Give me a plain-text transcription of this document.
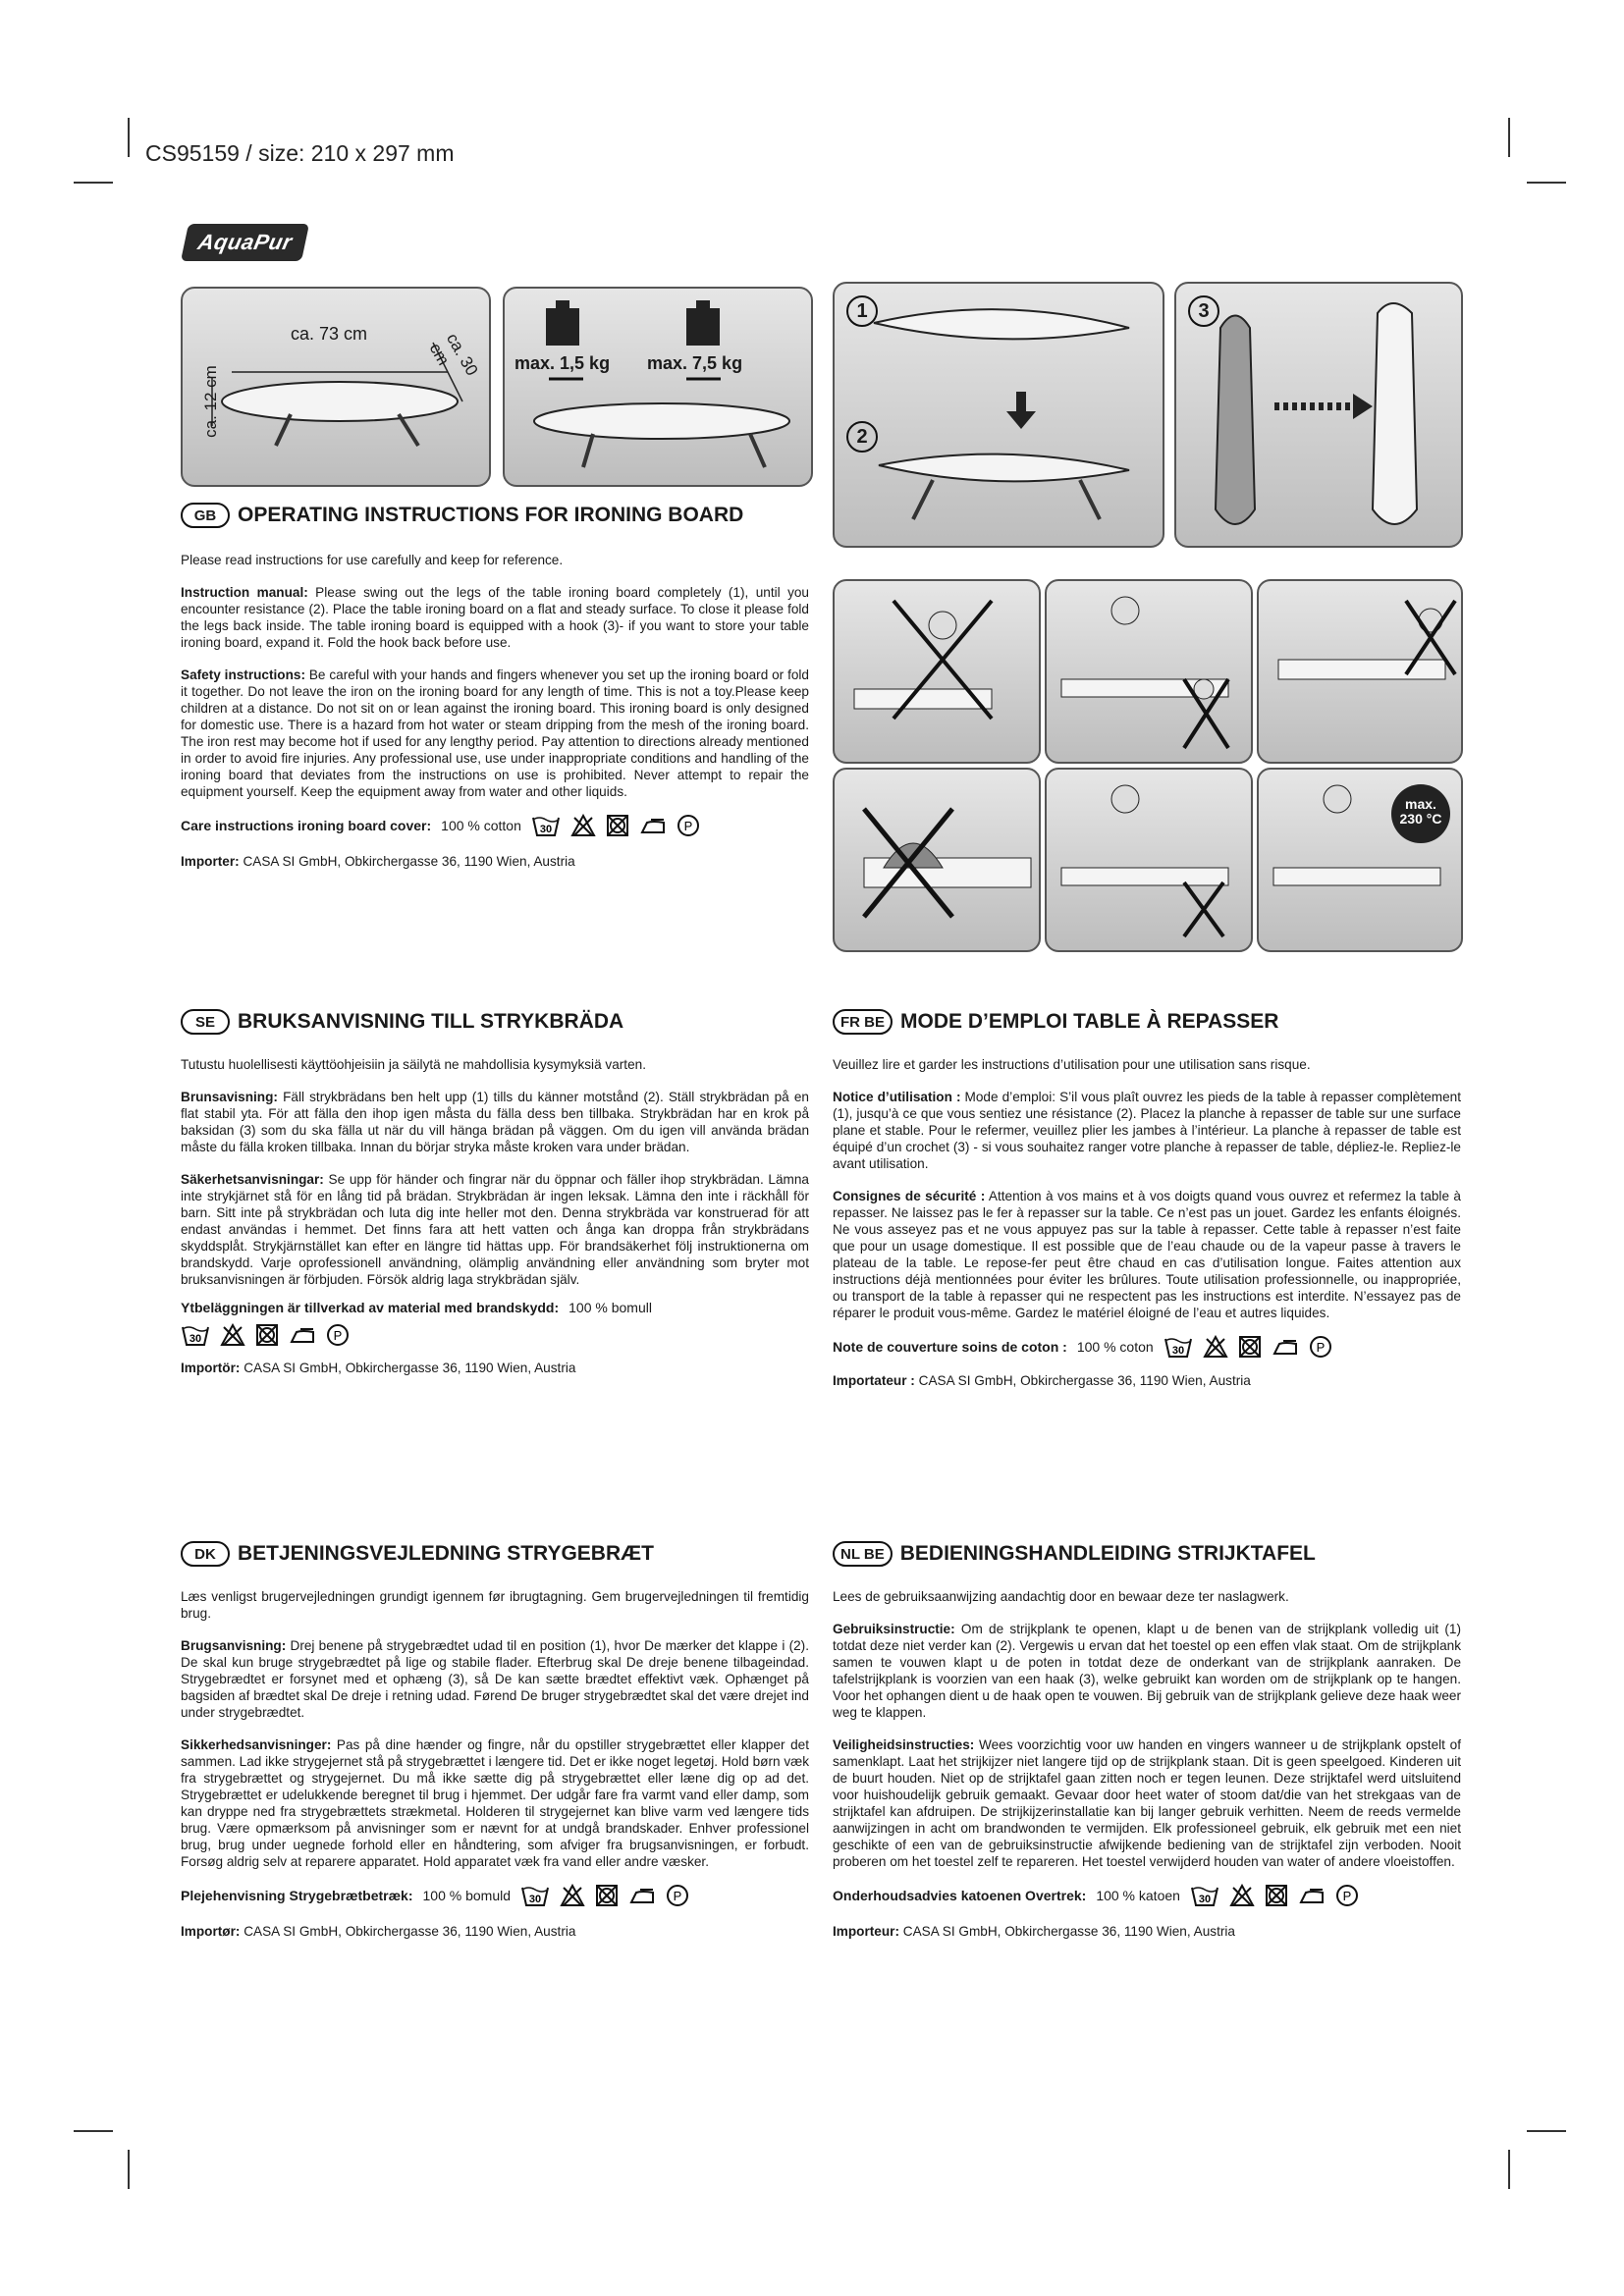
CS95159 / size: 210 x 297 mm
AquaPur
ca. 73 cm	ca. 30 cm
ca. 12 cm
max. 1,5 kg max. 7,5 kg
1
2
3
max. 230 °C
GB	OPERATING INSTRUCTIONS FOR IRONING BOARD

Please read instructions for use carefully and keep for reference.

Instruction manual: Please swing out the legs of the table ironing board completely (1), until you encounter resistance (2). Place the table ironing board on a flat and steady surface. To close it please fold the legs back inside. The table ironing board is equipped with a hook (3)- if you want to store your table ironing board, expand it. Fold the hook back before use.

Safety instructions: Be careful with your hands and fingers whenever you set up the ironing board or fold it together. Do not leave the iron on the ironing board for any length of time. This is not a toy.Please keep children at a distance. Do not sit on or lean against the ironing board. This ironing board is only designed for domestic use. There is a hazard from hot water or steam dripping from the mesh of the ironing board. The iron rest may become hot if used for any lengthy period. Pay attention to directions already mentioned in order to avoid fire injuries. Any professional use, use under inappropriate conditions and handling of the ironing board that deviates from the instructions on use is prohibited. Never attempt to repair the equipment yourself. Keep the equipment away from water and other liquids.

Care instructions ironing board cover: 100 % cotton 30	P

Importer: CASA SI GmbH, Obkirchergasse 36, 1190 Wien, Austria

SE	BRUKSANVISNING TILL STRYKBRÄDA

Tutustu huolellisesti käyttöohjeisiin ja säilytä ne mahdollisia kysymyksiä varten.

Brunsavisning: Fäll strykbrädans ben helt upp (1) tills du känner motstånd (2). Ställ strykbrädan på en flat stabil yta. För att fälla den ihop igen måsta du fälla dess ben tillbaka. Strykbrädan har en krok på baksidan (3) som du ska fälla ut när du vill hänga brädan på väggen. Om du igen vill använda brädan måste du fälla kroken tillbaka. Innan du börjar stryka måste kroken vara under brädan.

Säkerhetsanvisningar: Se upp för händer och fingrar när du öppnar och fäller ihop strykbrädan. Lämna inte strykjärnet stå för en lång tid på brädan. Strykbrädan är ingen leksak. Lämna den inte i räckhåll för barn. Sitt inte på strykbrädan och luta dig inte heller mot den. Denna strykbräda var konstruerad för att endast användas i hemmet. Det finns fara att hett vatten och ånga kan droppa från strykbrädans skyddsplåt. Strykjärnstället kan efter en längre tid hättas upp. För brandsäkerhet följ instruktionerna om brandskydd. Varje oprofessionell användning, olämplig användning eller användning som bryter mot bruksanvisningen är förbjuden. Försök aldrig laga strykbrädan själv.

Ytbeläggningen är tillverkad av material med brandskydd: 100 % bomull
30	P

Importör: CASA SI GmbH, Obkirchergasse 36, 1190 Wien, Austria

DK	BETJENINGSVEJLEDNING STRYGEBRÆT

Læs venligst brugervejledningen grundigt igennem før ibrugtagning. Gem brugervejledningen til fremtidig brug.

Brugsanvisning: Drej benene på strygebrædtet udad til en position (1), hvor De mærker det klappe i (2). De skal kun bruge strygebrædtet på lige og stabile flader. Efterbrug skal De dreje benene tilbageindad. Strygebrædtet er forsynet med et ophæng (3), så De kan sætte brædtet effektivt væk. Ophænget på bagsiden af brædtet skal De dreje i retning udad. Førend De bruger strygebrædtet skal det være drejet ind under strygebrædtet.

Sikkerhedsanvisninger: Pas på dine hænder og fingre, når du opstiller strygebrættet eller klapper det sammen. Lad ikke strygejernet stå på strygebrættet i længere tid. Det er ikke noget legetøj. Hold børn væk fra strygebrættet og strygejernet. Du må ikke sætte dig på strygebrættet eller læne dig op ad det. Strygebrættet er udelukkende beregnet til brug i hjemmet. Der udgår fare fra varmt vand eller damp, som kan dryppe ned fra strygebrættets strækmetal. Holderen til strygejernet kan blive varm ved længere tids brug. Være opmærksom på anvisninger som er nævnt for at undgå brandskader. Enhver professionel brug, brug under uegnede forhold eller en håndtering, som afviger fra brugsanvisningen, er forbudt. Forsøg aldrig selv at reparere apparatet. Hold apparatet væk fra vand eller andre væsker.

Plejehenvisning Strygebrætbetræk: 100 % bomuld 30	P

Importør: CASA SI GmbH, Obkirchergasse 36, 1190 Wien, Austria

FR BE MODE D’EMPLOI TABLE À REPASSER

Veuillez lire et garder les instructions d’utilisation pour une utilisation sans risque.

Notice d’utilisation : Mode d’emploi: S’il vous plaît ouvrez les pieds de la table à repasser complètement (1), jusqu’à ce que vous sentiez une résistance (2). Placez la planche à repasser de table sur une surface plane et stable. Pour le refermer, veuillez plier les jambes à l’intérieur. La planche à repasser de table est équipé d’un crochet (3) - si vous souhaitez ranger votre planche à repasser de table, dépliez-le. Repliez-le avant utilisation.

Consignes de sécurité : Attention à vos mains et à vos doigts quand vous ouvrez et refermez la table à repasser. Ne laissez pas le fer à repasser sur la table. Ce n’est pas un jouet. Gardez les enfants éloignés. Ne vous asseyez pas et ne vous appuyez pas sur la table à repasser. Cette table à repasser n’est faite que pour un usage domestique. Il est possible que de l’eau chaude ou de la vapeur passe à travers le plateau de la table. Le repose-fer peut être chaud en cas d’utilisation longue. Faites attention aux instructions déjà mentionnées pour éviter les brûlures. Toute utilisation professionnelle, ou inappropriée, ou transport de la table à repasser qui ne respectent pas les instructions est interdite. N’essayez pas de réparer le produit vous-même. Gardez le matériel éloigné de l’eau et autres liquides.

Note de couverture soins de coton : 100 % coton 30	P

Importateur : CASA SI GmbH, Obkirchergasse 36, 1190 Wien, Austria

NL BE BEDIENINGSHANDLEIDING STRIJKTAFEL

Lees de gebruiksaanwijzing aandachtig door en bewaar deze ter naslagwerk.

Gebruiksinstructie: Om de strijkplank te openen, klapt u de benen van de strijkplank volledig uit (1) totdat deze niet verder kan (2). Vergewis u ervan dat het toestel op een effen vlak staat. Om de strijkplank samen te vouwen klapt u de poten in totdat deze de onderkant van de strijkplank aanraken. De tafelstrijkplank is voorzien van een haak (3), welke gebruikt kan worden om de strijkplank op te hangen. Voor het ophangen dient u de haak open te vouwen. Bij gebruik van de strijkplank gelieve deze haak weer weg te klappen.

Veiligheidsinstructies: Wees voorzichtig voor uw handen en vingers wanneer u de strijkplank opstelt of samenklapt. Laat het strijkijzer niet langere tijd op de strijkplank staan. Dit is geen speelgoed. Kinderen uit de buurt houden. Niet op de strijktafel gaan zitten noch er tegen leunen. Deze strijktafel werd uitsluitend voor huishoudelijk gebruik gemaakt. Gevaar door heet water of stoom dat/die van het strekgaas van de strijktafel kan afdruipen. De strijkijzerinstallatie kan bij langer gebruik verhitten. Neem de reeds vermelde aanwijzingen in acht om brandwonden te vermijden. Elk professioneel gebruik, elk gebruik met een niet geschikte of een van de gebruiksinstructie afwijkende bediening van de strijktafel zijn verboden. Nooit proberen om het toestel zelf te repareren. Het toestel verwijderd houden van water of andere vloeistoffen.

Onderhoudsadvies katoenen Overtrek: 100 % katoen 30	P

Importeur: CASA SI GmbH, Obkirchergasse 36, 1190 Wien, Austria
